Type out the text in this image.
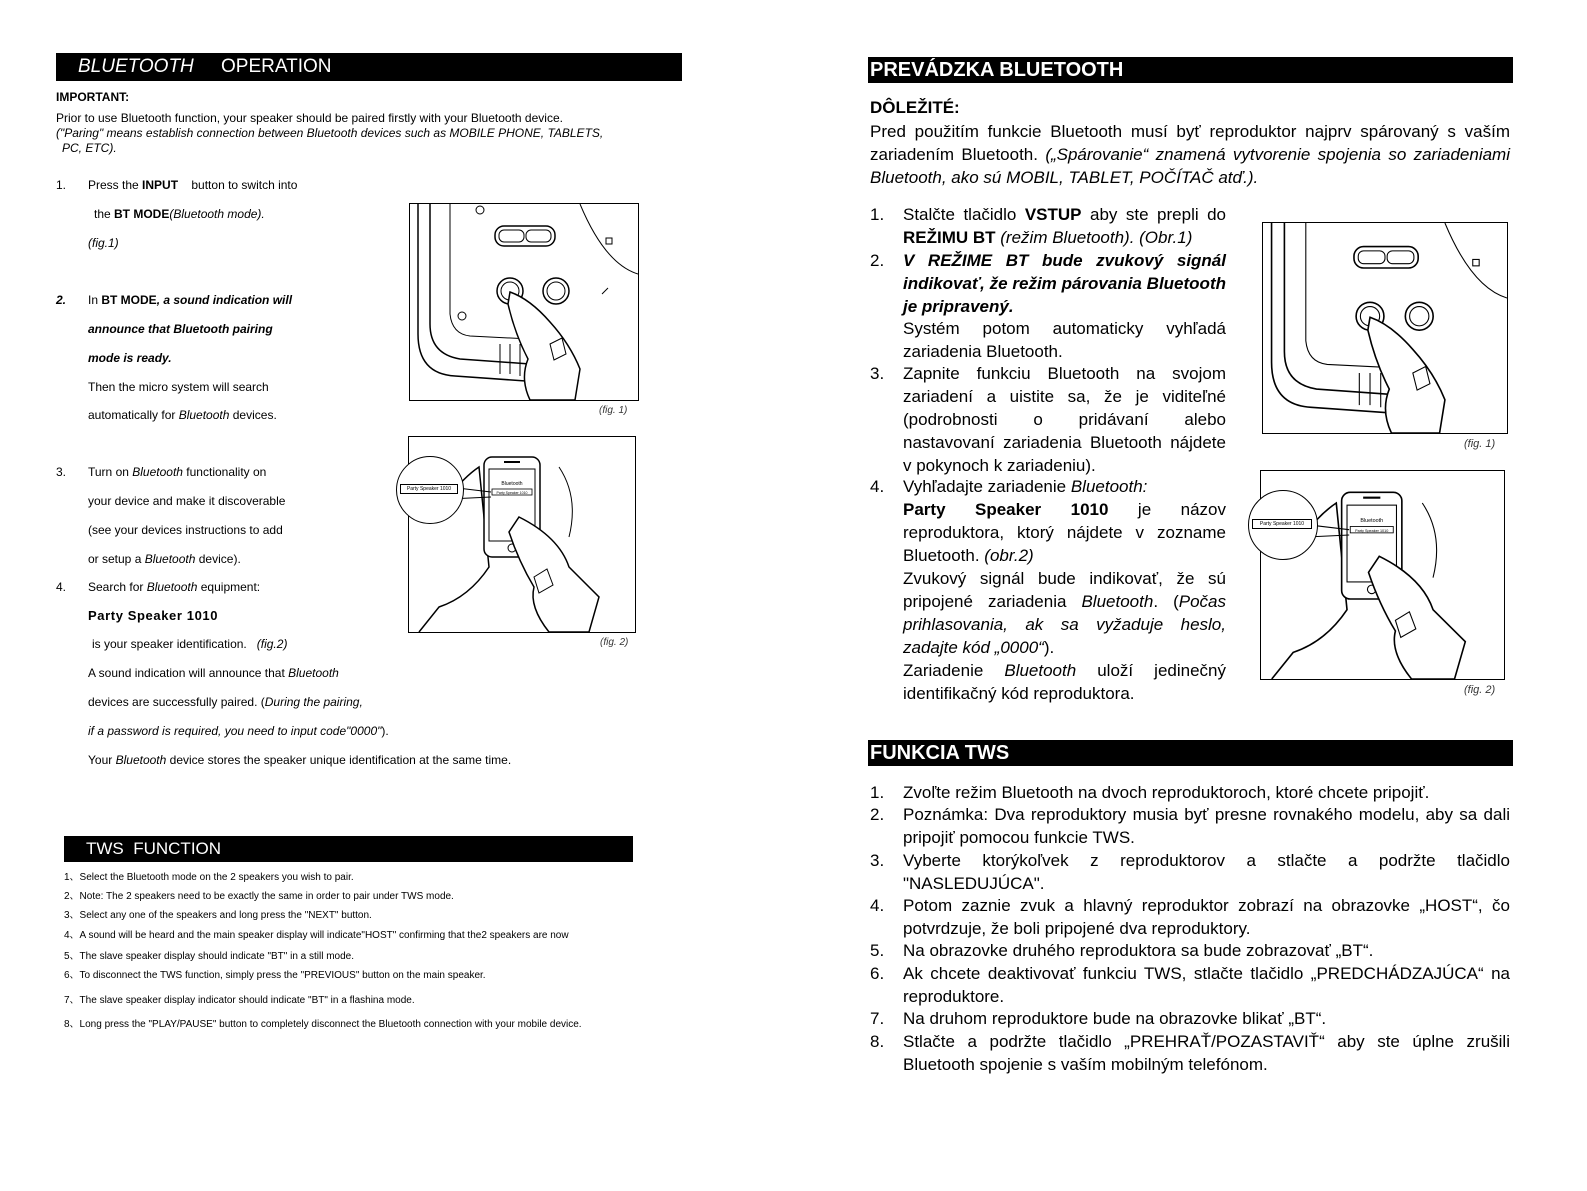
BLUETOOTH OPERATION
IMPORTANT:
Prior to use Bluetooth function, your speaker should be paired firstly with your Bluetooth device.
("Paring" means establish connection between Bluetooth devices such as MOBILE PHONE, TABLETS,
PC, ETC).
1. Press the INPUT button to switch into
the BT MODE(Bluetooth mode).
(fig.1)
2. In BT MODE, a sound indication will
announce that Bluetooth pairing
mode is ready.
Then the micro system will search
automatically for Bluetooth devices.
3. Turn on Bluetooth functionality on
your device and make it discoverable
(see your devices instructions to add
or setup a Bluetooth device).
4. Search for Bluetooth equipment:
Party Speaker 1010
is your speaker identification. (fig.2)
A sound indication will announce that Bluetooth
devices are successfully paired. (During the pairing,
if a password is required, you need to input code"0000").
Your Bluetooth device stores the speaker unique identification at the same time.
(fig. 1)
Bluetooth
Party Speaker 1010
Party Speaker 1010
(fig. 2)
TWS  FUNCTION
1、Select the Bluetooth mode on the 2 speakers you wish to pair.
2、Note: The 2 speakers need to be exactly the same in order to pair under TWS mode.
3、Select any one of the speakers and long press the "NEXT" button.
4、A sound will be heard and the main speaker display will indicate"HOST" confirming that the2 speakers are now
5、The slave speaker display should indicate "BT" in a still mode.
6、To disconnect the TWS function, simply press the "PREVIOUS" button on the main speaker.
7、The slave speaker display indicator should indicate "BT" in a flashina mode.
8、Long press the "PLAY/PAUSE" button to completely disconnect the Bluetooth connection with your mobile device.
PREVÁDZKA BLUETOOTH
DÔLEŽITÉ:
Pred použitím funkcie Bluetooth musí byť reproduktor najprv spárovaný s vaším zariadením Bluetooth. („Spárovanie“ znamená vytvorenie spojenia so zariadeniami Bluetooth, ako sú MOBIL, TABLET, POČÍTAČ atď.).
1. Stalčte tlačidlo VSTUP aby ste prepli do REŽIMU BT (režim Bluetooth). (Obr.1)
2. V REŽIME BT bude zvukový signál indikovať, že režim párovania Bluetooth je pripravený.
Systém potom automaticky vyhľadá zariadenia Bluetooth.
3. Zapnite funkciu Bluetooth na svojom zariadení a uistite sa, že je viditeľné (podrobnosti o pridávaní alebo nastavovaní zariadenia Bluetooth nájdete v pokynoch k zariadeniu).
4. Vyhľadajte zariadenie Bluetooth:
Party Speaker 1010 je názov reproduktora, ktorý nájdete v zozname Bluetooth. (obr.2)
Zvukový signál bude indikovať, že sú pripojené zariadenia Bluetooth. (Počas prihlasovania, ak sa vyžaduje heslo, zadajte kód „0000“).
Zariadenie Bluetooth uloží jedinečný identifikačný kód reproduktora.
(fig. 1)
Bluetooth
Party Speaker 1010
Party Speaker 1010
(fig. 2)
FUNKCIA TWS
1. Zvoľte režim Bluetooth na dvoch reproduktoroch, ktoré chcete pripojiť.
2. Poznámka: Dva reproduktory musia byť presne rovnakého modelu, aby sa dali pripojiť pomocou funkcie TWS.
3. Vyberte ktorýkoľvek z reproduktorov a stlačte a podržte tlačidlo "NASLEDUJÚCA".
4. Potom zaznie zvuk a hlavný reproduktor zobrazí na obrazovke „HOST“, čo potvrdzuje, že boli pripojené dva reproduktory.
5. Na obrazovke druhého reproduktora sa bude zobrazovať „BT“.
6. Ak chcete deaktivovať funkciu TWS, stlačte tlačidlo „PREDCHÁDZAJÚCA“ na reproduktore.
7. Na druhom reproduktore bude na obrazovke blikať „BT“.
8. Stlačte a podržte tlačidlo „PREHRAŤ/POZASTAVIŤ“ aby ste úplne zrušili Bluetooth spojenie s vaším mobilným telefónom.
